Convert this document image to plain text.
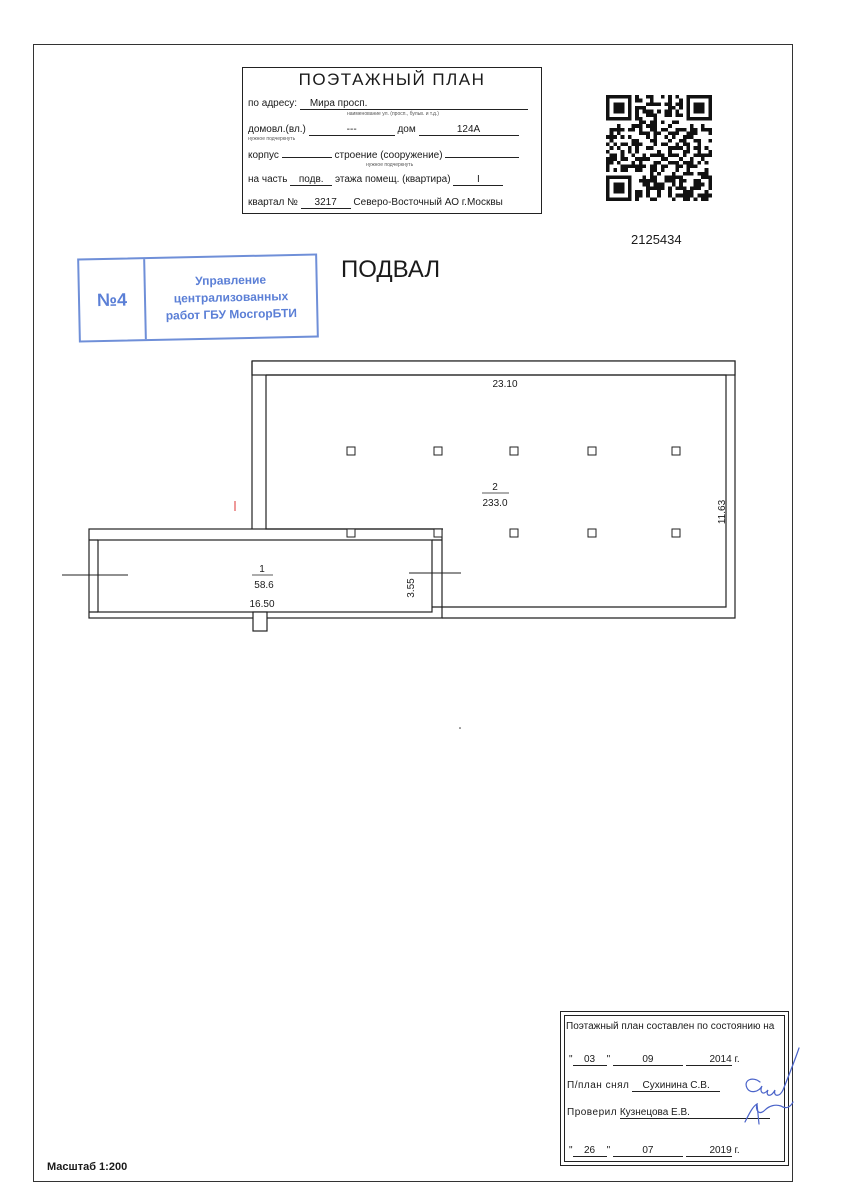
ПОЭТАЖНЫЙ ПЛАН
по адресу: Мира просп.
наименование ул. (просп., бульв. и т.д.)
домовл.(вл.)	---	дом	124А
нужное подчеркнуть
корпус	строение (сооружение)
нужное подчеркнуть
на часть подв. этажа помещ. (квартира)	I
квартал № 3217 Северо-Восточный АО г.Москвы
2125434
№4
Управление
централизованных
работ ГБУ МосгорБТИ
ПОДВАЛ
23.10
2
233.0	11.63
1
58.6
16.50
3.55
Поэтажный план составлен по состоянию на
" 03 "	09	2014 г.
П/план снял Сухинина С.В.
Проверил Кузнецова Е.В.
" 26 "	07	2019 г.
Масштаб 1:200
